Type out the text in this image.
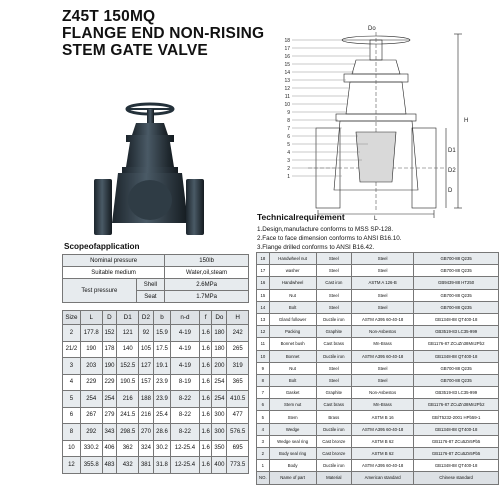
Z45T 150MQ
FLANGE END NON-RISING
STEM GATE VALVE
18
17
16
15
14
13
12
11
10
9
8
7
6
5
4
3
2
1
H
Do
L
D1
D2
D
Technicalrequirement
1.Design,manufacture conforms to MSS SP-128.
2.Face to face dimension conforms to ANSI B16.10.
3.Flange drilled conforms to ANSI B16.42.
Scopeofapplication
Nominal pressure		150lb
Suitable medium		Water,oil,steam
Test pressure	Shell	2.6MPa
	Seat	1.7MPa
Size	L	D	D1	D2	b	n-d	f	Do	H
2	177.8	152	121	92	15.9	4-19	1.6	180	242
21/2	190	178	140	105	17.5	4-19	1.6	180	265
3	203	190	152.5	127	19.1	4-19	1.6	200	319
4	229	229	190.5	157	23.9	8-19	1.6	254	365
5	254	254	216	188	23.9	8-22	1.6	254	410.5
6	267	279	241.5	216	25.4	8-22	1.6	300	477
8	292	343	298.5	270	28.6	8-22	1.6	300	576.5
10	330.2	406	362	324	30.2	12-25.4	1.6	350	695
12	355.8	483	432	381	31.8	12-25.4	1.6	400	773.5
18	Handwheel nut	Steel	Steel	GB700-88 Q235
17	washer	Steel	Steel	GB700-88 Q235
16	Handwheel	Cast iron	ASTM A 126-B	GB9439-88 HT250
15	Nut	Steel	Steel	GB700-88 Q235
14	Bolt	Steel	Steel	GB700-88 Q235
13	Gland follower	Ductile iron	ASTM A395 60-40-18	GB1348-88 QT400-18
12	Packing	Graphite	Non-Asbestos	GB3519-83 LC35-999
11	Bonnet bush	Cast brass	Mn-Brass	GB1176-87 ZCuZn38Mn2Pb2
10	Bonnet	Ductile iron	ASTM A395 60-40-18	GB1348-88 QT400-18
9	Nut	Steel	Steel	GB700-88 Q235
8	Bolt	Steel	Steel	GB700-88 Q235
7	Gasket	Graphite	Non-Asbestos	GB3519-83 LC35-999
6	Stem nut	Cast brass	Mn-Brass	GB1176-87 ZCuZn38Mn2Pb2
5	Stem	Brass	ASTM B 16	GB/T5232-2001 HPb59-1
4	Wedge	Ductile iron	ASTM A395 60-40-18	GB1348-88 QT400-18
3	Wedge seal ring	Cast bronze	ASTM B 62	GB1176-87 ZCu5Zn5Pb5
2	Body seal ring	Cast bronze	ASTM B 62	GB1176-87 ZCu5Zn5Pb5
1	Body	Ductile iron	ASTM A395 60-40-18	GB1348-88 QT400-18
NO.	Name of part	Material	American standard	Chinese standard
